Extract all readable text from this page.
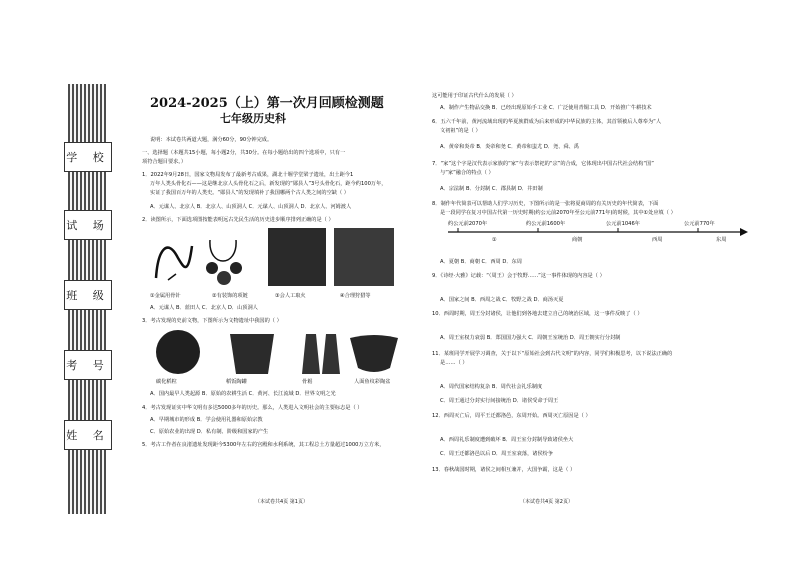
学 校
试 场
班 级
考 号
姓 名
2024-2025（上）第一次月回顾检测题
七年级历史科
说明：本试卷共两道大题，满分60分，90分钟完成。
一、选择题（本题共15小题，每小题2分，共30分。在每小题给出的四个选项中，只有一
项符合题目要求。）
1．2022年9月28日，国家文物局发布了最新考古成果，湖北十堰学堂梁子遗址，出土距今1
万年人类头骨化石——这是继北京人头骨化石之后，新发现的“郧县人”3号头骨化石，距今约100万年，
实证了我国百万年的人类史。“郧县人”的发现填补了我国哪两个古人类之间的空缺（ ）
A．元谋人、北京人 B．北京人、山顶洞人 C．元谋人、山顶洞人 D．北京人、河姆渡人
2．读图所示，下面选项图按能表明远古先民生活的历史进步顺序排列正确的是（ ）
①金属用骨针	②有装饰的项链	③会人工取火	④合理狩猎等
A．元谋人 B．蓝田人 C．北京人 D．山顶洞人
3．考古发现的史前文物，下图所示为文物遗址中我国的（ ）
碳化稻粒	稻饭陶罐	骨耜	人面鱼纹彩陶盆
A．国内最早人类起源 B．原始的农耕生活 C．黄河、长江流域 D．世界文明之光
4．考古发现证实中华文明有多达5000多年的历史。那么，人类进入文明社会的主要标志是（ ）
A．早期城市的形成 B．学会使用礼器和原始宗教
C．原始农业的出现 D．私有制、阶级和国家的产生
5．考古工作者在良渚遗址发现距今5300年左右的宫殿和水利系统，其工程总土方量超过1000万立方米，
（本试卷共4页 第1页）
这可能用于印证古代什么的发展（ ）
A．制作产生物品交换 B．已经出现原始手工业 C．广泛使用青铜工具 D．开始推广牛耕技术
6．五六千年前，黄河流域出现的华夏族群成为后来形成的中华民族的主体，其首领被后人尊奉为“人
文初祖”的是（ ）
A．黄帝和炎帝 B．炎帝和尧 C．黄帝和蚩尤 D．尧、舜、禹
7．“家”这个字是汉代表示家族的“家”与表示祭祀的“宗”的合成，它体现出中国古代社会结构“国”
与“家”融合的特点（ ）
A．宗法制 B．分封制 C．郡县制 D．井田制
8．制作年代简表可以帮助人们学习历史，下图所示的是一张将夏商周的有关历史的年代简表，下面
是一段同学在复习中国古代第一历史时期(约公元前2070年至公元前771年)的时候，其中①处应填（ ）
约公元前2070年	约公元前1600年	公元前1046年	公元前770年
①	商朝	西周	东周
A．夏朝 B．商朝 C．西周 D．东周
9．《诗经·大雅》记载：“（周王）会于牧野……”这一事件体现的内容是（ ）
A．国家之间 B．西周之战 C．牧野之战 D．商汤灭夏
10．西周时期，周王分封诸侯，让他们到各地去建立自己的统治区域，这一事件反映了（ ）
A．周王室权力衰弱 B．郑国国力强大 C．周朝王室统治 D．周王朝实行分封制
11．某班同学开展学习调查，关于以下“原始社会到古代文明”的内容，同学们积极思考，以下说法正确的
是……（ ）
A．周代国家结构复杂 B．周代社会礼乐制度
C．周王通过分封实行间接统治 D．诸侯受命于周王
12．西周灭亡后，周平王迁都洛邑，东周开始。西周灭亡原因是（ ）
A．西周礼乐制度遭到破坏 B．周王室分封制导致诸侯坐大
C．周王迁都洛邑以后 D．周王室衰落，诸侯纷争
13．春秋战国时期，诸侯之间相互兼并，大国争霸，这是（ ）
（本试卷共4页 第2页）
